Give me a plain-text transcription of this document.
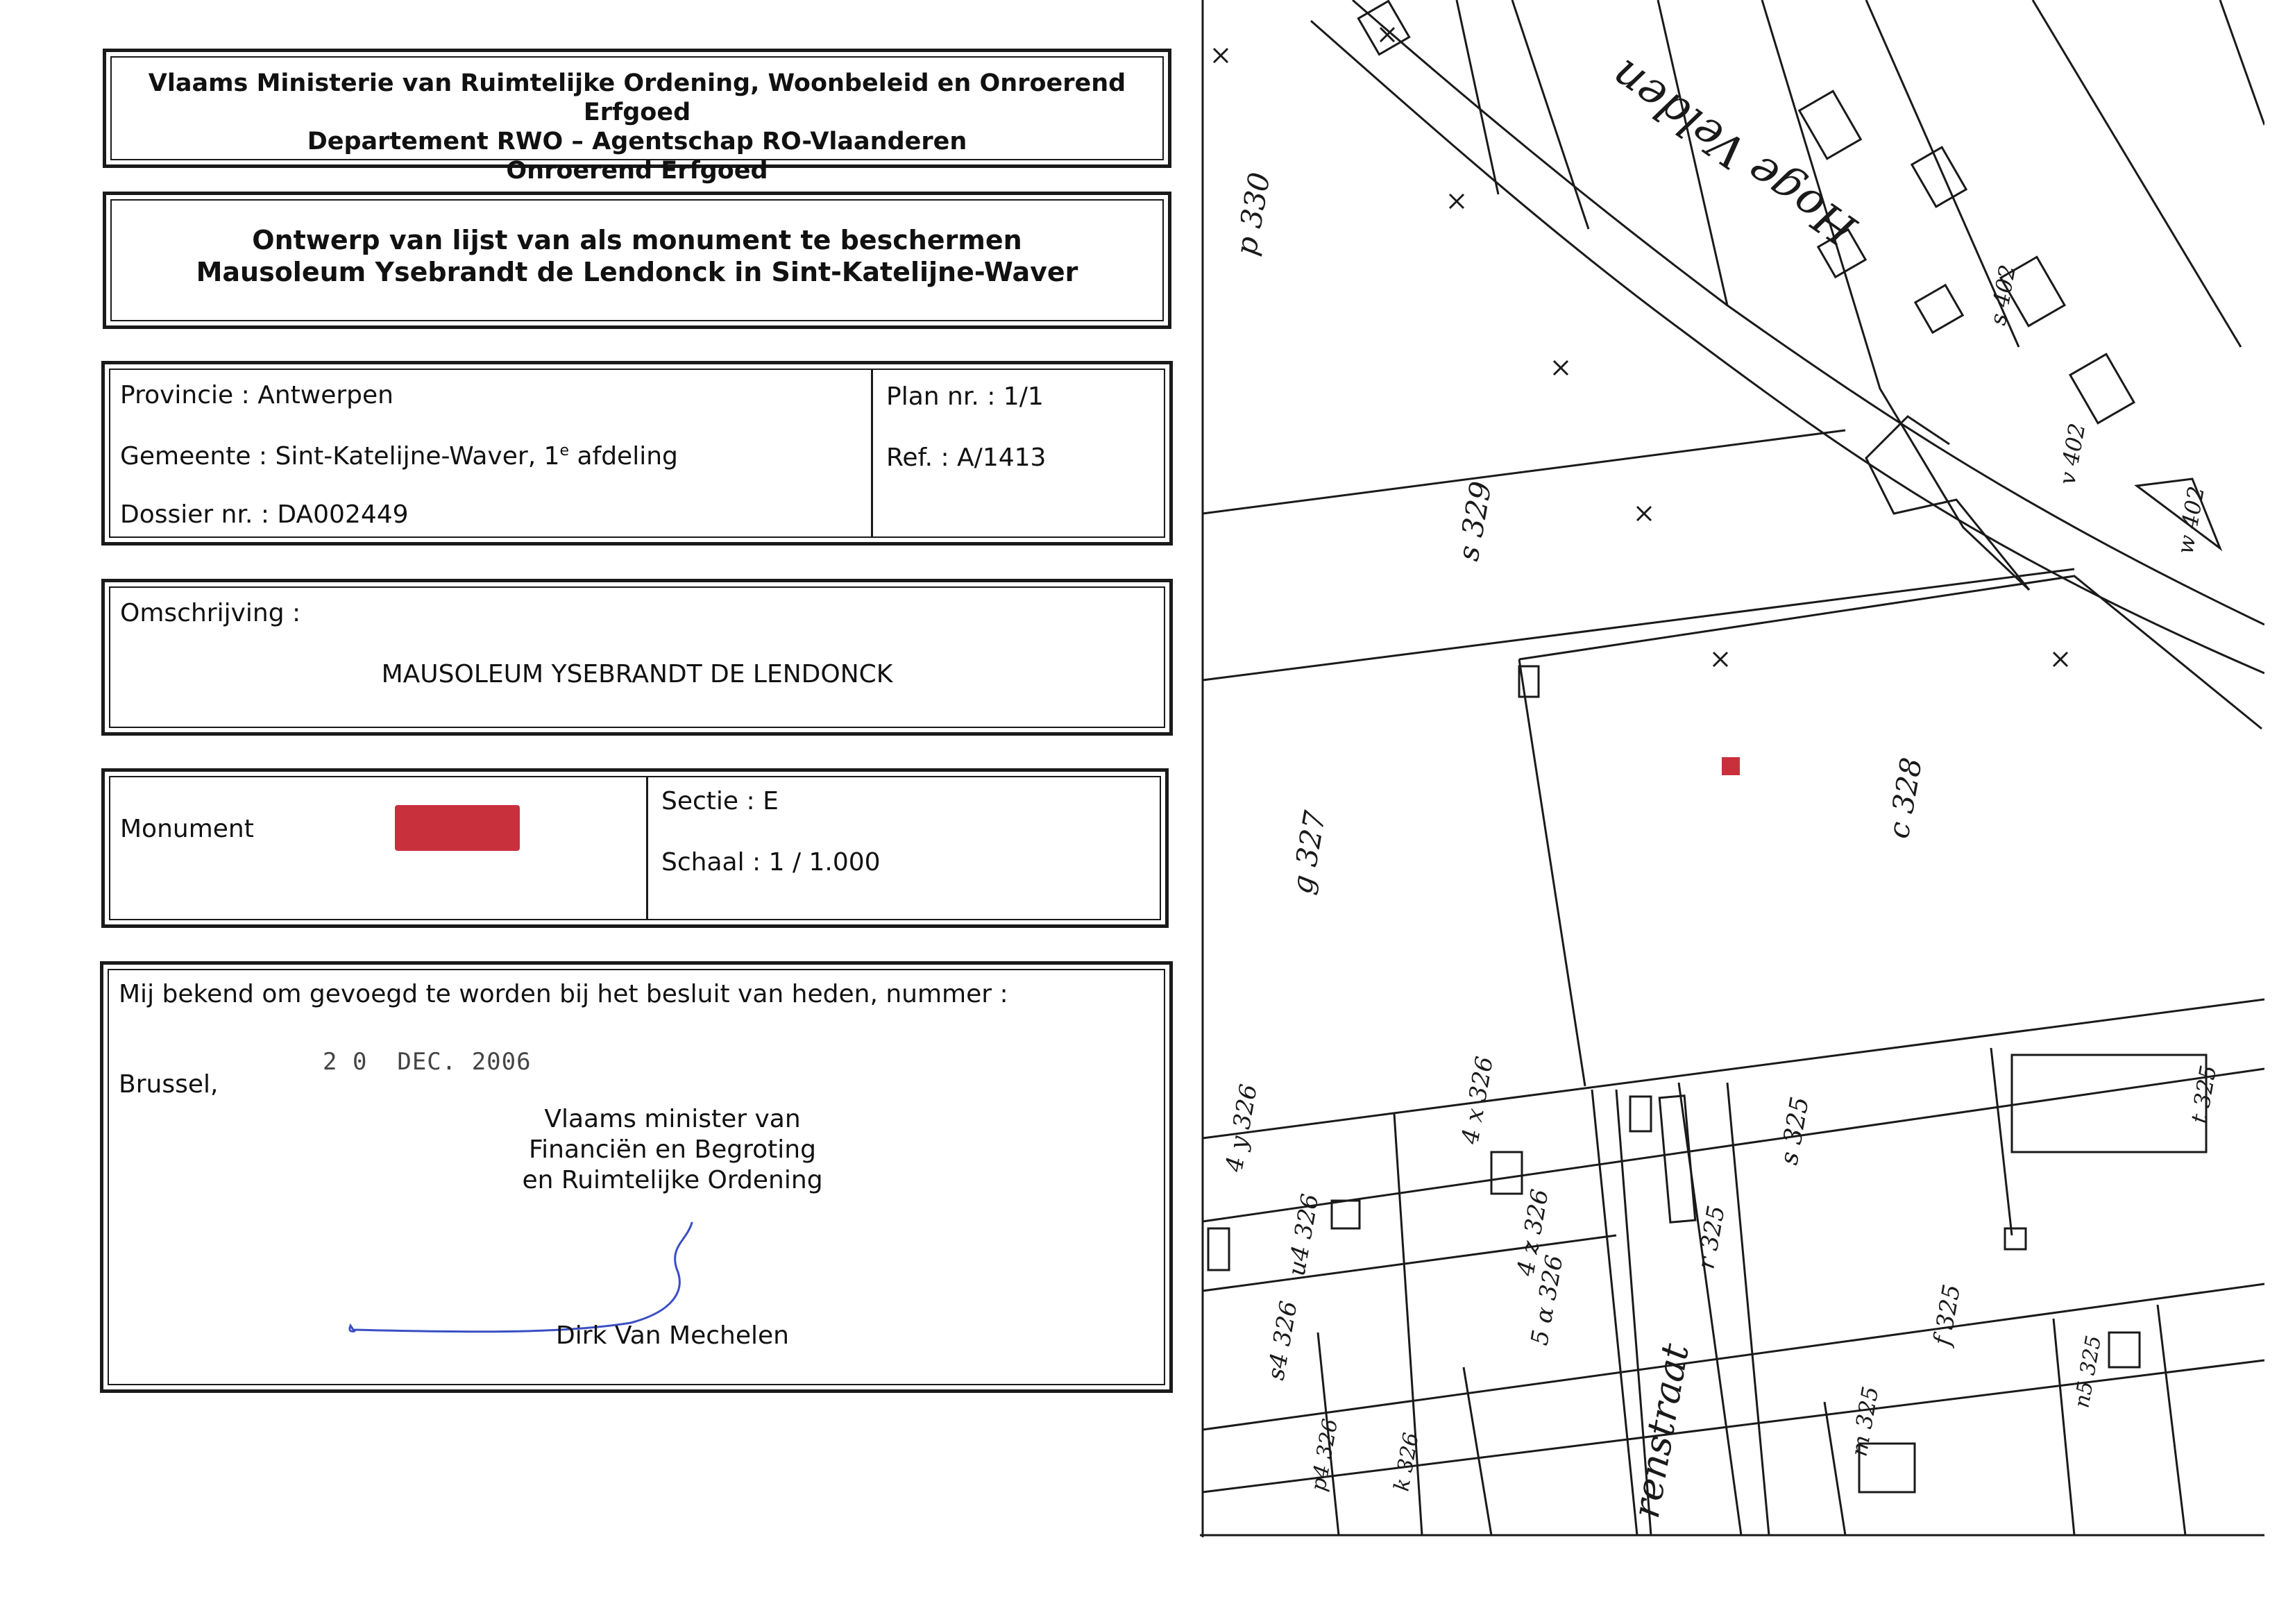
Vlaams Ministerie van Ruimtelijke Ordening, Woonbeleid en Onroerend Erfgoed
Departement RWO – Agentschap RO-Vlaanderen
Onroerend Erfgoed
Ontwerp van lijst van als monument te beschermen
Mausoleum Ysebrandt de Lendonck in Sint-Katelijne-Waver
Provincie : Antwerpen
Gemeente : Sint-Katelijne-Waver, 1e afdeling
Dossier nr. : DA002449
Plan nr. : 1/1
Ref. : A/1413
Omschrijving :
MAUSOLEUM YSEBRANDT DE LENDONCK
Monument
Sectie : E
Schaal : 1 / 1.000
Mij bekend om gevoegd te worden bij het besluit van heden, nummer :
Brussel,
2 0  DEC. 2006
Vlaams minister van
Financiën en Begroting
en Ruimtelijke Ordening
Dirk Van Mechelen
Hoge Velden
renstraat
p 330
s 329
g 327	c 328
s 325
4 y 326	4 x 326
4 z 326
u4 326
5 α 326
s4 326
r 325
f 325
t 325
s 402
v 402
w 402
m 325	n5 325
p4 326
k 326
